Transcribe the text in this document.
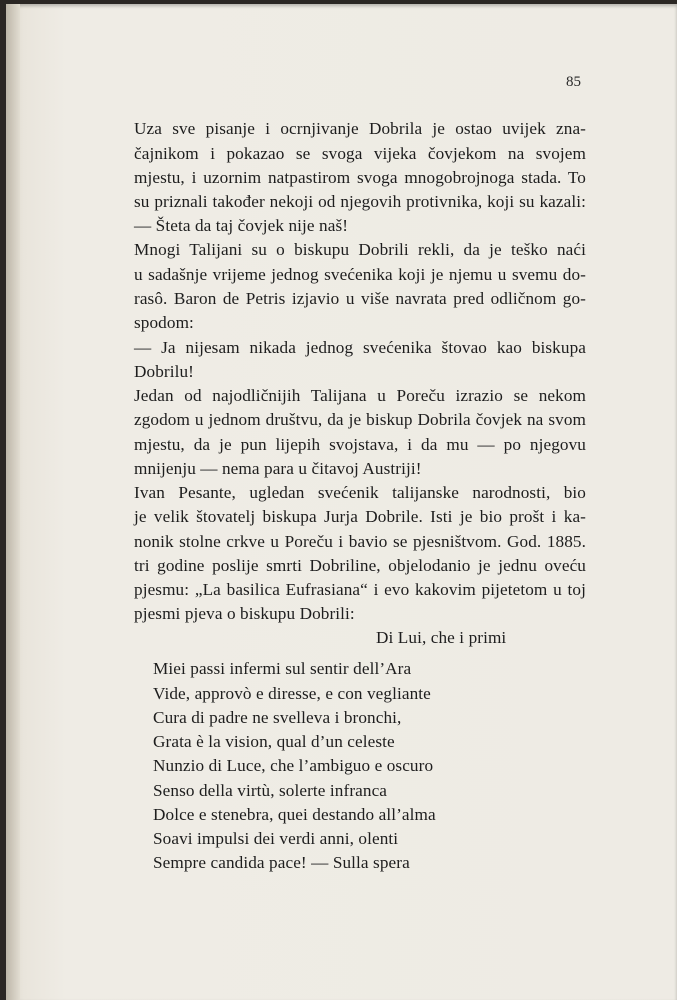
85
Uza sve pisanje i ocrnjivanje Dobrila je ostao uvijek zna-
čajnikom i pokazao se svoga vijeka čovjekom na svojem
mjestu, i uzornim natpastirom svoga mnogobrojnoga stada. To
su priznali također nekoji od njegovih protivnika, koji su kazali:
— Šteta da taj čovjek nije naš!
Mnogi Talijani su o biskupu Dobrili rekli, da je teško naći
u sadašnje vrijeme jednog svećenika koji je njemu u svemu do-
rasô. Baron de Petris izjavio u više navrata pred odličnom go-
spodom:
— Ja nijesam nikada jednog svećenika štovao kao biskupa
Dobrilu!
Jedan od najodličnijih Talijana u Poreču izrazio se nekom
zgodom u jednom društvu, da je biskup Dobrila čovjek na svom
mjestu, da je pun lijepih svojstava, i da mu — po njegovu
mnijenju — nema para u čitavoj Austriji!
Ivan Pesante, ugledan svećenik talijanske narodnosti, bio
je velik štovatelj biskupa Jurja Dobrile. Isti je bio prošt i ka-
nonik stolne crkve u Poreču i bavio se pjesništvom. God. 1885.
tri godine poslije smrti Dobriline, objelodanio je jednu oveću
pjesmu: „La basilica Eufrasiana“ i evo kakovim pijetetom u toj
pjesmi pjeva o biskupu Dobrili:
Di Lui, che i primi
Miei passi infermi sul sentir dell’Ara
Vide, approvò e diresse, e con vegliante
Cura di padre ne svelleva i bronchi,
Grata è la vision, qual d’un celeste
Nunzio di Luce, che l’ambiguo e oscuro
Senso della virtù, solerte infranca
Dolce e stenebra, quei destando all’alma
Soavi impulsi dei verdi anni, olenti
Sempre candida pace! — Sulla spera
